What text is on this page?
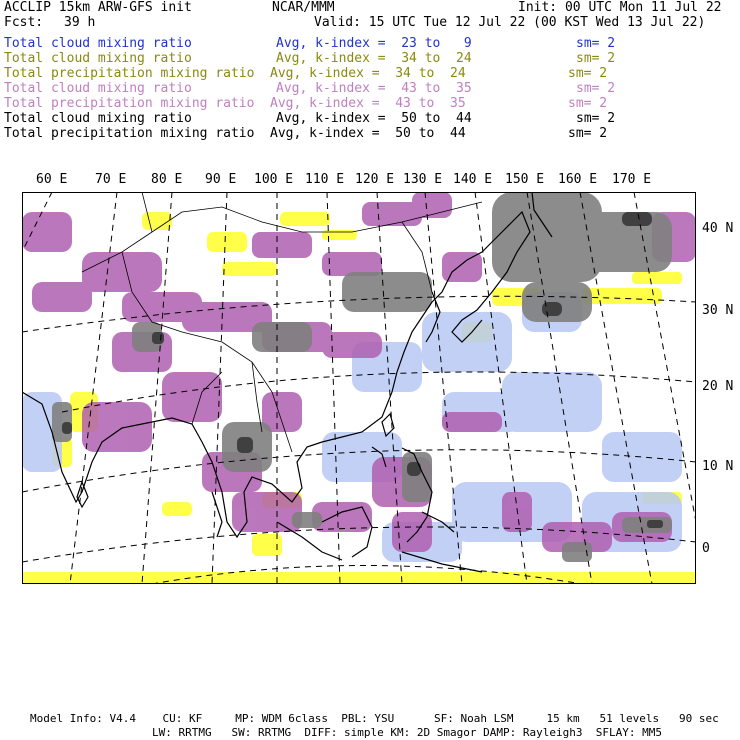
ACCLIP 15km ARW-GFS init	NCAR/MMM	Init: 00 UTC Mon 11 Jul 22
Fcst: 39 h	Valid: 15 UTC Tue 12 Jul 22 (00 KST Wed 13 Jul 22)
Total cloud mixing ratio	Avg, k-index =  23 to   9	sm= 2
Total cloud mixing ratio	Avg, k-index =  34 to  24	sm= 2
Total precipitation mixing ratio Avg, k-index =  34 to  24	sm= 2
Total cloud mixing ratio	Avg, k-index =  43 to  35	sm= 2
Total precipitation mixing ratio Avg, k-index =  43 to  35	sm= 2
Total cloud mixing ratio	Avg, k-index =  50 to  44	sm= 2
Total precipitation mixing ratio Avg, k-index =  50 to  44	sm= 2
60 E 70 E 80 E 90 E 100 E 110 E 120 E 130 E 140 E 150 E 160 E 170 E
40 N
30 N
20 N
10 N
0
Model Info: V4.4    CU: KF     MP: WDM 6class  PBL: YSU      SF: Noah LSM     15 km   51 levels   90 sec
LW: RRTMG   SW: RRTMG  DIFF: simple KM: 2D Smagor DAMP: Rayleigh3  SFLAY: MM5
